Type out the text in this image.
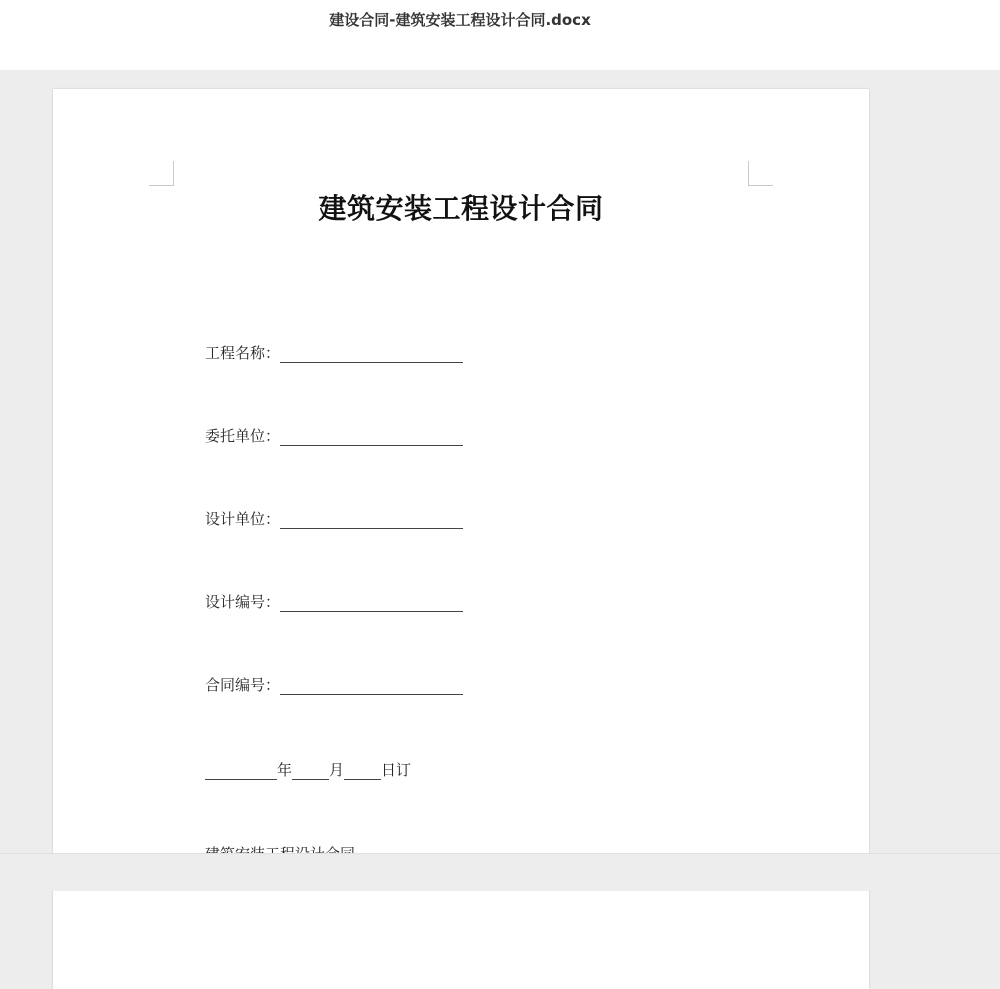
建设合同-建筑安装工程设计合同.docx
建筑安装工程设计合同
工程名称：
委托单位：
设计单位：
设计编号：
合同编号：
年 月 日订
